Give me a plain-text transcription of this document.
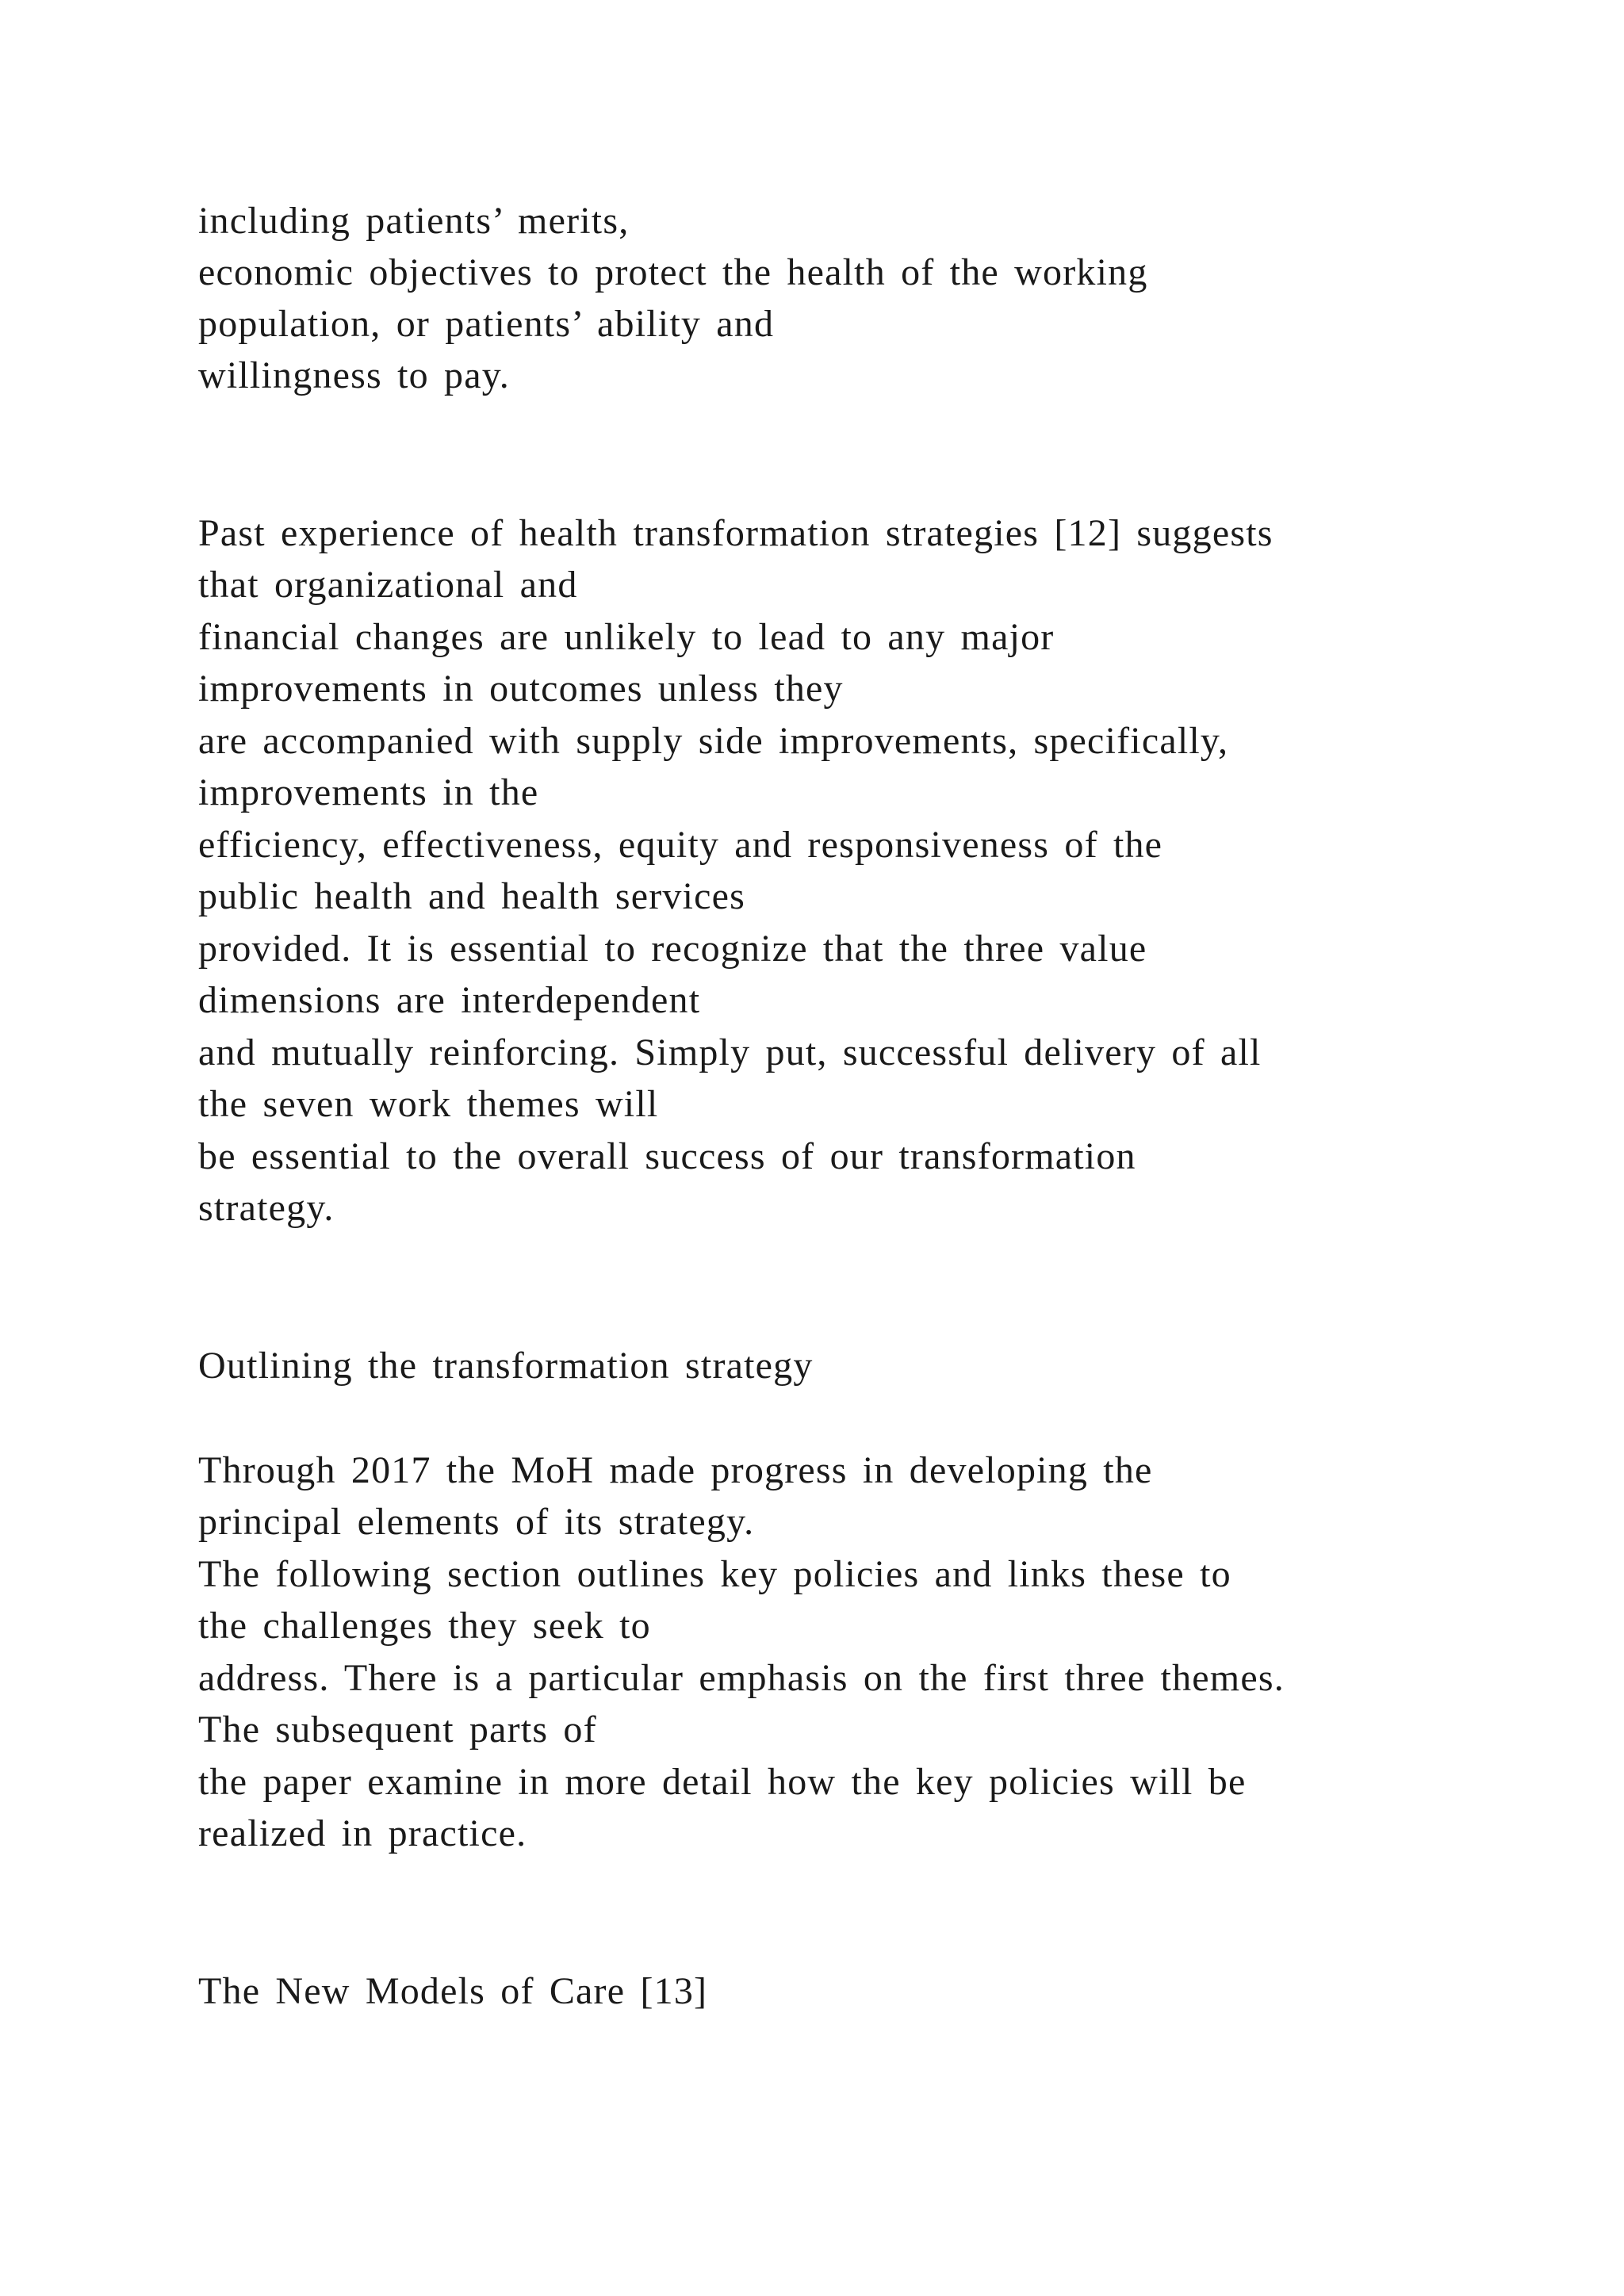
including patients’ merits,

economic objectives to protect the health of the working

population, or patients’ ability and

willingness to pay.

Past experience of health transformation strategies [12] suggests

that organizational and

financial changes are unlikely to lead to any major

improvements in outcomes unless they

are accompanied with supply side improvements, specifically,

improvements in the

efficiency, effectiveness, equity and responsiveness of the

public health and health services

provided. It is essential to recognize that the three value

dimensions are interdependent

and mutually reinforcing. Simply put, successful delivery of all

the seven work themes will

be essential to the overall success of our transformation

strategy.

Outlining the transformation strategy

Through 2017 the MoH made progress in developing the

principal elements of its strategy.

The following section outlines key policies and links these to

the challenges they seek to

address. There is a particular emphasis on the first three themes.

The subsequent parts of

the paper examine in more detail how the key policies will be

realized in practice.

The New Models of Care [13]
